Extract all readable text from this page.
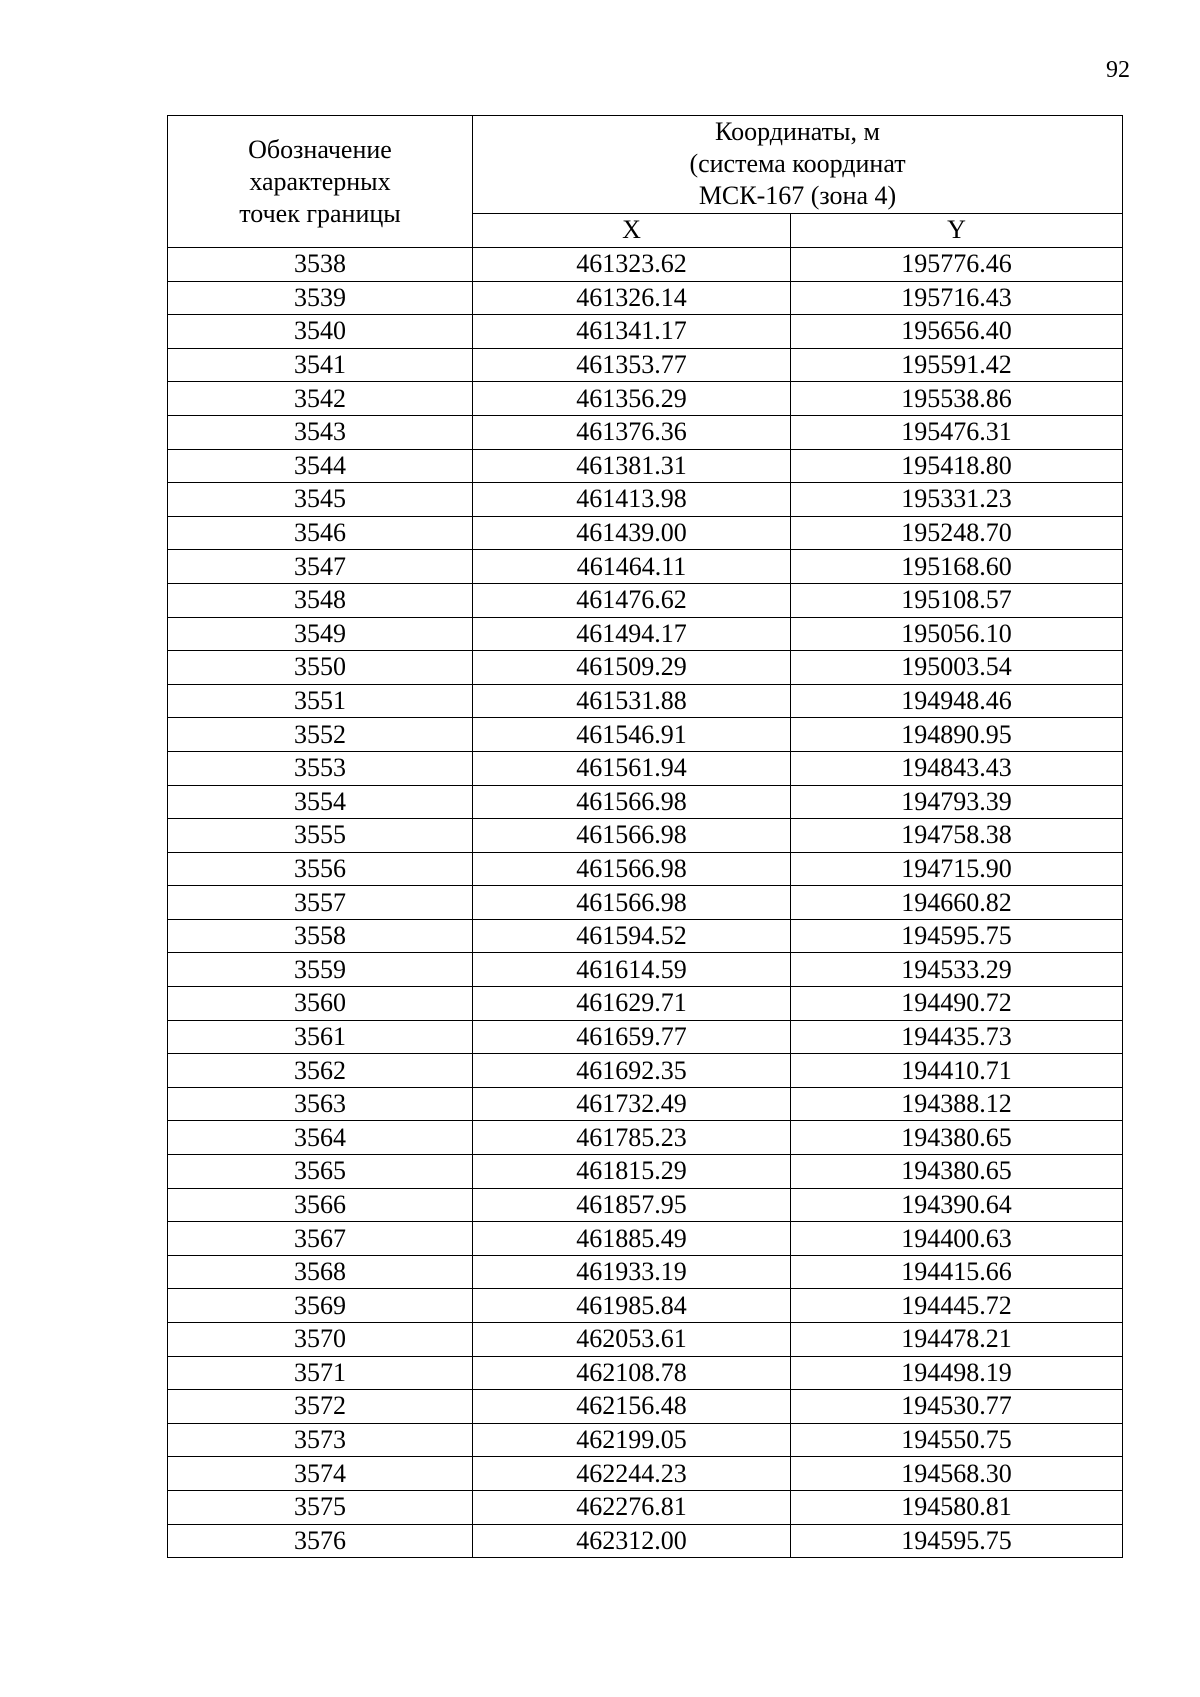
92
Обозначение
характерных
точек границы	Координаты, м
(система координат
МСК-167 (зона 4)	

	X	Y
3538	461323.62	195776.46
3539	461326.14	195716.43
3540	461341.17	195656.40
3541	461353.77	195591.42
3542	461356.29	195538.86
3543	461376.36	195476.31
3544	461381.31	195418.80
3545	461413.98	195331.23
3546	461439.00	195248.70
3547	461464.11	195168.60
3548	461476.62	195108.57
3549	461494.17	195056.10
3550	461509.29	195003.54
3551	461531.88	194948.46
3552	461546.91	194890.95
3553	461561.94	194843.43
3554	461566.98	194793.39
3555	461566.98	194758.38
3556	461566.98	194715.90
3557	461566.98	194660.82
3558	461594.52	194595.75
3559	461614.59	194533.29
3560	461629.71	194490.72
3561	461659.77	194435.73
3562	461692.35	194410.71
3563	461732.49	194388.12
3564	461785.23	194380.65
3565	461815.29	194380.65
3566	461857.95	194390.64
3567	461885.49	194400.63
3568	461933.19	194415.66
3569	461985.84	194445.72
3570	462053.61	194478.21
3571	462108.78	194498.19
3572	462156.48	194530.77
3573	462199.05	194550.75
3574	462244.23	194568.30
3575	462276.81	194580.81
3576	462312.00	194595.75
